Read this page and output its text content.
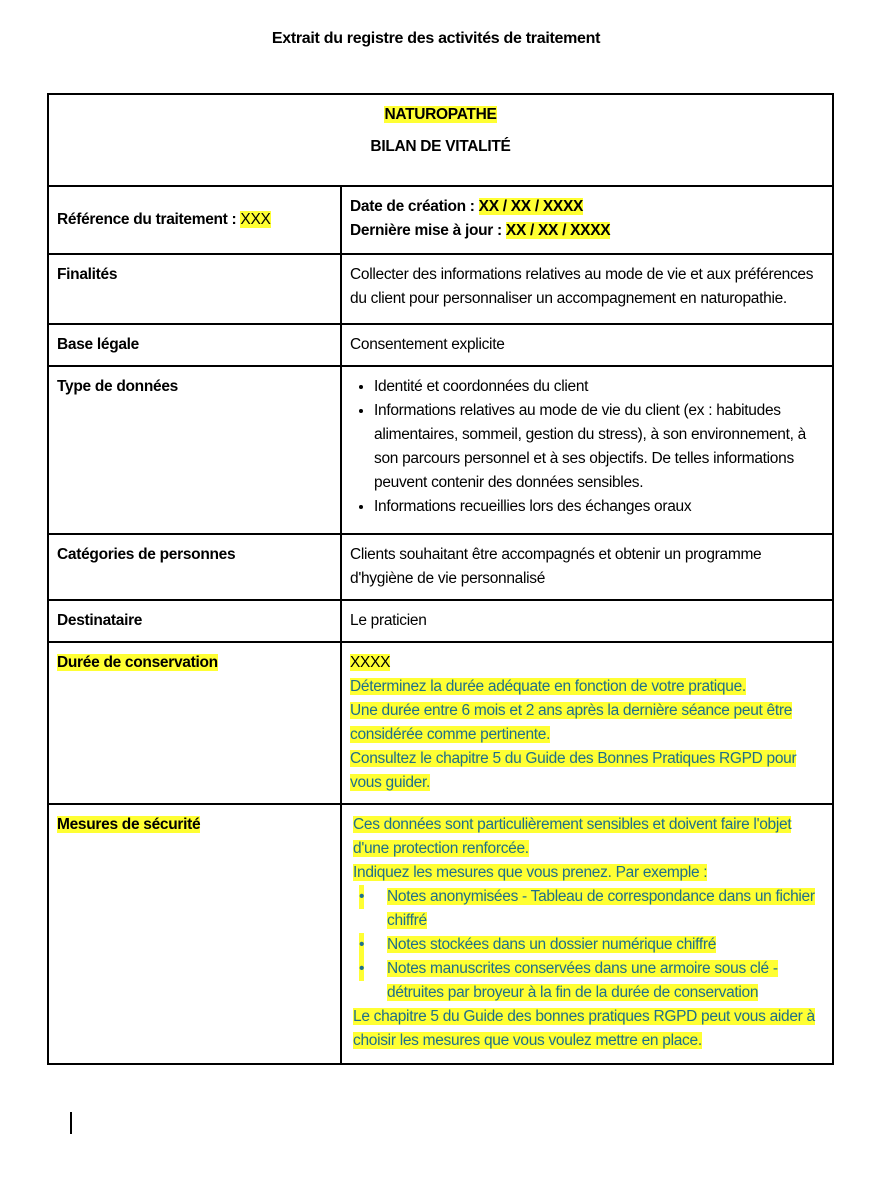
Extrait du registre des activités de traitement
NATUROPATHE
BILAN DE VITALITÉ	

Référence du traitement : XXX	Date de création : XX / XX / XXXX
Dernière mise à jour : XX / XX / XXXX

Finalités	Collecter des informations relatives au mode de vie et aux préférences du client pour personnaliser un accompagnement en naturopathie.
Base légale	Consentement explicite
Type de données	
•Identité et coordonnées du client
• Informations relatives au mode de vie du client (ex : habitudes alimentaires, sommeil, gestion du stress), à son environnement, à son parcours personnel et à ses objectifs. De telles informations peuvent contenir des données sensibles.
• Informations recueillies lors des échanges oraux

Catégories de personnes	Clients souhaitant être accompagnés et obtenir un programme d'hygiène de vie personnalisé
Destinataire	Le praticien
Durée de conservation	XXXX
Déterminez la durée adéquate en fonction de votre pratique.
Une durée entre 6 mois et 2 ans après la dernière séance peut être considérée comme pertinente.
Consultez le chapitre 5 du Guide des Bonnes Pratiques RGPD pour vous guider.

Mesures de sécurité	Ces données sont particulièrement sensibles et doivent faire l'objet d'une protection renforcée.
Indiquez les mesures que vous prenez. Par exemple :
• Notes anonymisées - Tableau de correspondance dans un fichier chiffré
• Notes stockées dans un dossier numérique chiffré
• Notes manuscrites conservées dans une armoire sous clé - détruites par broyeur à la fin de la durée de conservation
Le chapitre 5 du Guide des bonnes pratiques RGPD peut vous aider à choisir les mesures que vous voulez mettre en place.
